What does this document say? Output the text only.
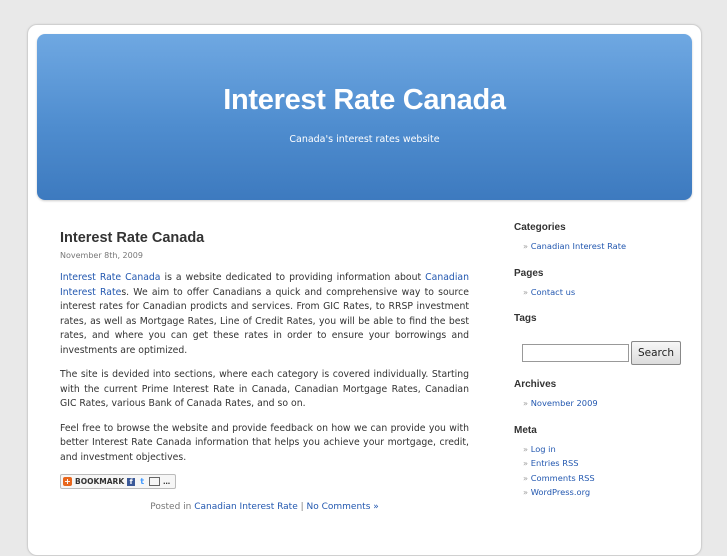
Interest Rate Canada
Canada's interest rates website
Interest Rate Canada
November 8th, 2009

Interest Rate Canada is a website dedicated to providing information about Canadian Interest Rates. We aim to offer Canadians a quick and comprehensive way to source interest rates for Canadian prodicts and services. From GIC Rates, to RRSP investment rates, as well as Mortgage Rates, Line of Credit Rates, you will be able to find the best rates, and where you can get these rates in order to ensure your borrowings and investments are optimized.

The site is devided into sections, where each category is covered individually. Starting with the current Prime Interest Rate in Canada, Canadian Mortgage Rates, Canadian GIC Rates, various Bank of Canada Rates, and so on.

Feel free to browse the website and provide feedback on how we can provide you with better Interest Rate Canada information that helps you achieve your mortgage, credit, and investment objectives.

+ BOOKMARK f t	…
Posted in Canadian Interest Rate | No Comments »
Categories
» Canadian Interest Rate
Pages
» Contact us
Tags
Search
Archives
» November 2009
Meta
» Log in
» Entries RSS
» Comments RSS
» WordPress.org
